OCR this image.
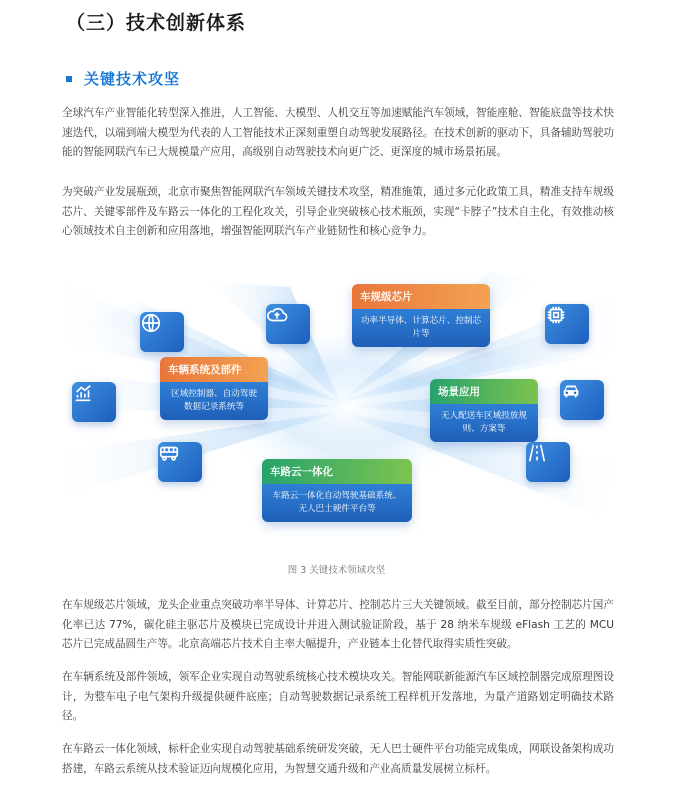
（三）技术创新体系
关键技术攻坚

全球汽车产业智能化转型深入推进，人工智能、大模型、人机交互等加速赋能汽车领域，智能座舱、智能底盘等技术快速迭代，以端到端大模型为代表的人工智能技术正深刻重塑自动驾驶发展路径。在技术创新的驱动下，具备辅助驾驶功能的智能网联汽车已大规模量产应用，高级别自动驾驶技术向更广泛、更深度的城市场景拓展。

为突破产业发展瓶颈，北京市聚焦智能网联汽车领域关键技术攻坚，精准施策，通过多元化政策工具，精准支持车规级芯片、关键零部件及车路云一体化的工程化攻关，引导企业突破核心技术瓶颈，实现“卡脖子”技术自主化，有效推动核心领域技术自主创新和应用落地，增强智能网联汽车产业链韧性和核心竞争力。

车规级芯片
功率半导体、计算芯片、控制芯片等
车辆系统及部件
区域控制器、自动驾驶数据记录系统等
场景应用
无人配送车区域投放规则、方案等
车路云一体化
车路云一体化自动驾驶基础系统、无人巴士硬件平台等
图 3 关键技术领域攻坚

在车规级芯片领域，龙头企业重点突破功率半导体、计算芯片、控制芯片三大关键领域。截至目前，部分控制芯片国产化率已达 77%，碳化硅主驱芯片及模块已完成设计并进入测试验证阶段，基于 28 纳米车规级 eFlash 工艺的 MCU 芯片已完成晶圆生产等。北京高端芯片技术自主率大幅提升，产业链本土化替代取得实质性突破。

在车辆系统及部件领域，领军企业实现自动驾驶系统核心技术模块攻关。智能网联新能源汽车区域控制器完成原理图设计，为整车电子电气架构升级提供硬件底座；自动驾驶数据记录系统工程样机开发落地，为量产道路划定明确技术路径。

在车路云一体化领域，标杆企业实现自动驾驶基础系统研发突破，无人巴士硬件平台功能完成集成，网联设备架构成功搭建，车路云系统从技术验证迈向规模化应用，为智慧交通升级和产业高质量发展树立标杆。
